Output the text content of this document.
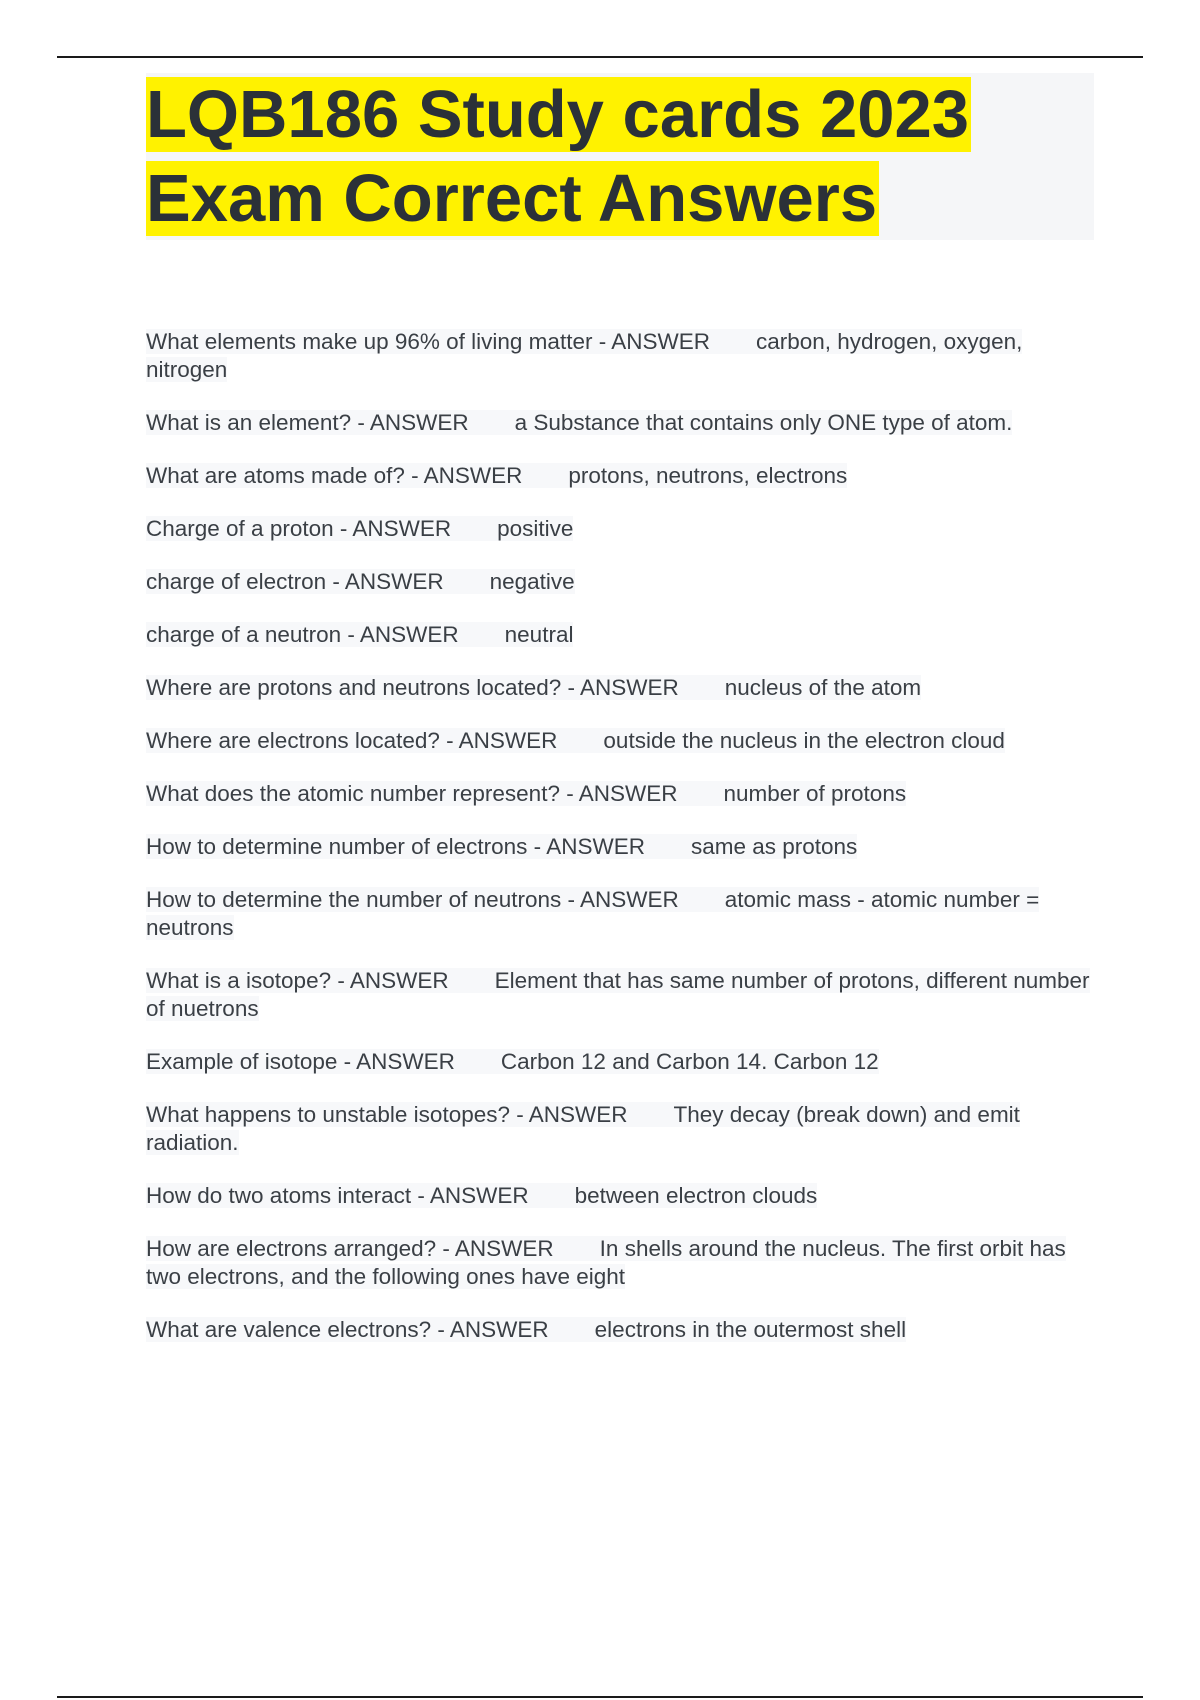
LQB186 Study cards 2023
Exam Correct Answers

What elements make up 96% of living matter - ANSWER carbon, hydrogen, oxygen, nitrogen

What is an element? - ANSWER a Substance that contains only ONE type of atom.

What are atoms made of? - ANSWER protons, neutrons, electrons

Charge of a proton - ANSWER positive

charge of electron - ANSWER negative

charge of a neutron - ANSWER neutral

Where are protons and neutrons located? - ANSWER nucleus of the atom

Where are electrons located? - ANSWER outside the nucleus in the electron cloud

What does the atomic number represent? - ANSWER number of protons

How to determine number of electrons - ANSWER same as protons

How to determine the number of neutrons - ANSWER atomic mass - atomic number = neutrons

What is a isotope? - ANSWER Element that has same number of protons, different number of nuetrons

Example of isotope - ANSWER Carbon 12 and Carbon 14. Carbon 12

What happens to unstable isotopes? - ANSWER They decay (break down) and emit radiation.

How do two atoms interact - ANSWER between electron clouds

How are electrons arranged? - ANSWER In shells around the nucleus. The first orbit has two electrons, and the following ones have eight

What are valence electrons? - ANSWER electrons in the outermost shell
